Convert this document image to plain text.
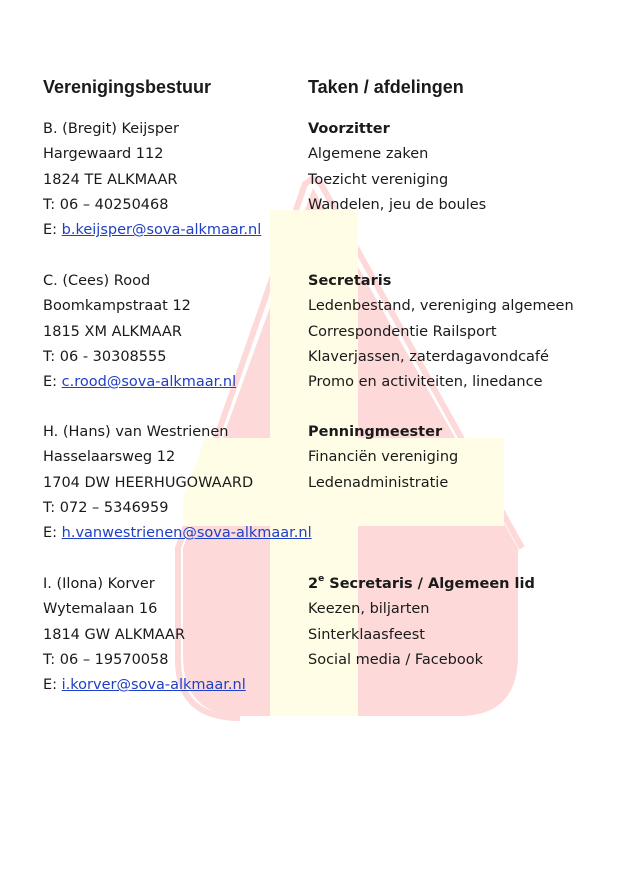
Verenigingsbestuur	Taken / afdelingen
B. (Bregit) Keijsper	Voorzitter
Hargewaard 112	Algemene zaken
1824 TE ALKMAAR	Toezicht vereniging
T: 06 – 40250468	Wandelen, jeu de boules
E: b.keijsper@sova-alkmaar.nl
C. (Cees) Rood	Secretaris
Boomkampstraat 12	Ledenbestand, vereniging algemeen
1815 XM ALKMAAR	Correspondentie Railsport
T: 06 - 30308555	Klaverjassen, zaterdagavondcafé
E: c.rood@sova-alkmaar.nl	Promo en activiteiten, linedance
H. (Hans) van Westrienen	Penningmeester
Hasselaarsweg 12	Financiën vereniging
1704 DW HEERHUGOWAARD	Ledenadministratie
T: 072 – 5346959
E: h.vanwestrienen@sova-alkmaar.nl
I. (Ilona) Korver	2e Secretaris / Algemeen lid
Wytemalaan 16	Keezen, biljarten
1814 GW ALKMAAR	Sinterklaasfeest
T: 06 – 19570058	Social media / Facebook
E: i.korver@sova-alkmaar.nl
